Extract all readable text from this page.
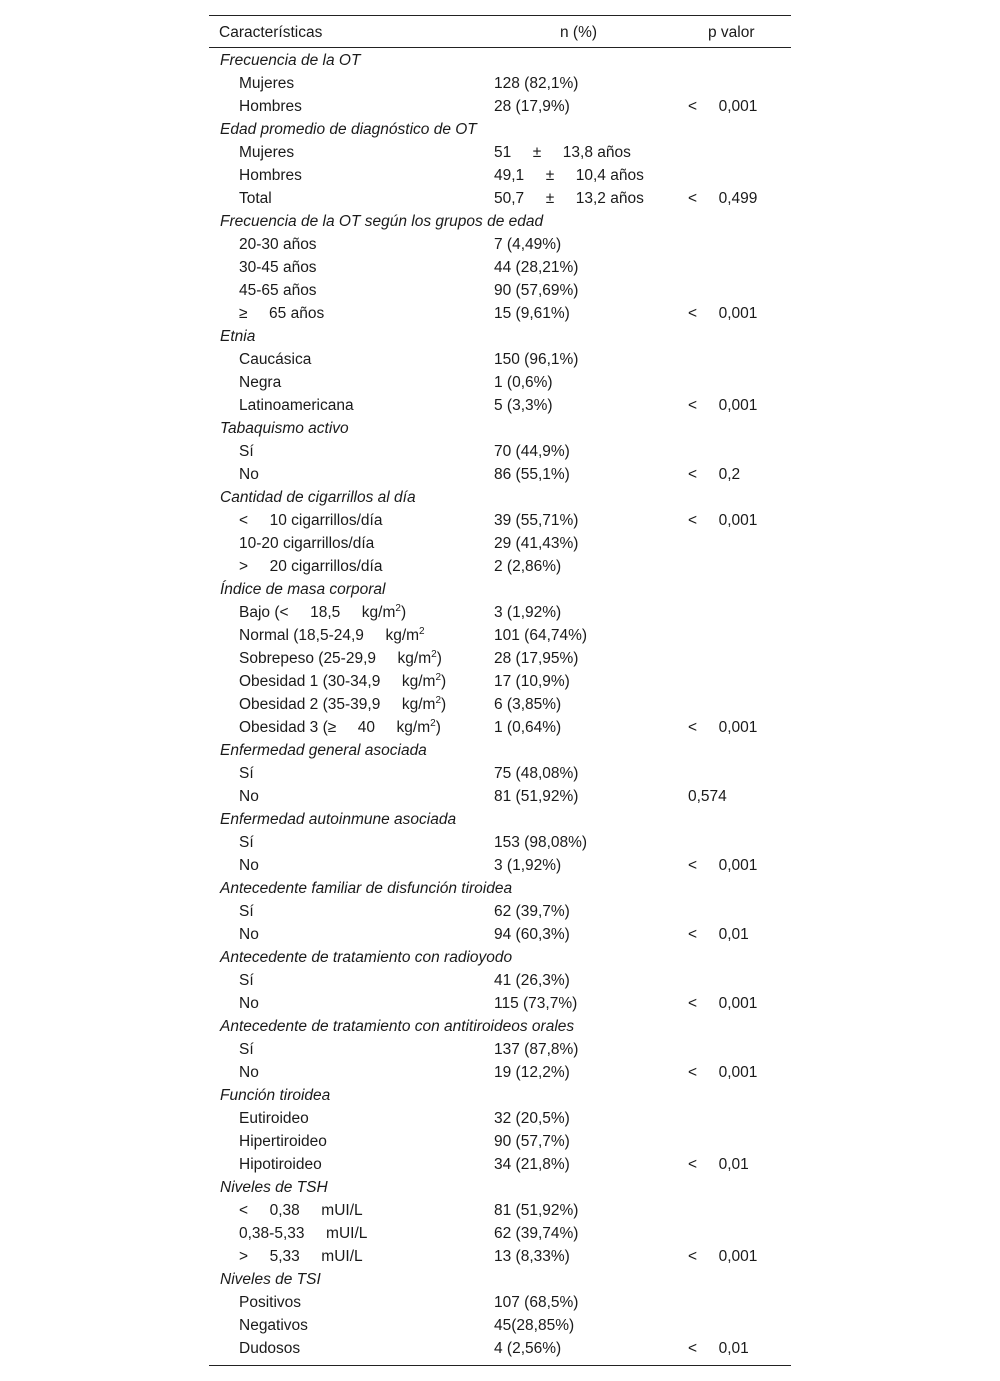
Características	n (%)	p valor
Frecuencia de la OT
Mujeres	128 (82,1%)
Hombres	28 (17,9%)	<     0,001
Edad promedio de diagnóstico de OT
Mujeres	51     ±     13,8 años
Hombres	49,1     ±     10,4 años
Total	50,7     ±     13,2 años	<     0,499
Frecuencia de la OT según los grupos de edad
20-30 años	7 (4,49%)
30-45 años	44 (28,21%)
45-65 años	90 (57,69%)
≥     65 años	15 (9,61%)	<     0,001
Etnia
Caucásica	150 (96,1%)
Negra	1 (0,6%)
Latinoamericana	5 (3,3%)	<     0,001
Tabaquismo activo
Sí	70 (44,9%)
No	86 (55,1%)	<     0,2
Cantidad de cigarrillos al día
<     10 cigarrillos/día	39 (55,71%)	<     0,001
10-20 cigarrillos/día	29 (41,43%)
>     20 cigarrillos/día	2 (2,86%)
Índice de masa corporal
Bajo (<     18,5     $kg/m^2$)	3 (1,92%)
Normal (18,5-24,9     $kg/m^2$	101 (64,74%)
Sobrepeso (25-29,9     $kg/m^2$)	28 (17,95%)
Obesidad 1 (30-34,9     $kg/m^2$)	17 (10,9%)
Obesidad 2 (35-39,9     $kg/m^2$)	6 (3,85%)
Obesidad 3 (≥     40     $kg/m^2$)	1 (0,64%)	<     0,001
Enfermedad general asociada
Sí	75 (48,08%)
No	81 (51,92%)	0,574
Enfermedad autoinmune asociada
Sí	153 (98,08%)
No	3 (1,92%)	<     0,001
Antecedente familiar de disfunción tiroidea
Sí	62 (39,7%)
No	94 (60,3%)	<     0,01
Antecedente de tratamiento con radioyodo
Sí	41 (26,3%)
No	115 (73,7%)	<     0,001
Antecedente de tratamiento con antitiroideos orales
Sí	137 (87,8%)
No	19 (12,2%)	<     0,001
Función tiroidea
Eutiroideo	32 (20,5%)
Hipertiroideo	90 (57,7%)
Hipotiroideo	34 (21,8%)	<     0,01
Niveles de TSH
<     0,38     mUI/L	81 (51,92%)
0,38-5,33     mUI/L	62 (39,74%)
>     5,33     mUI/L	13 (8,33%)	<     0,001
Niveles de TSI
Positivos	107 (68,5%)
Negativos	45(28,85%)
Dudosos	4 (2,56%)	<     0,01
